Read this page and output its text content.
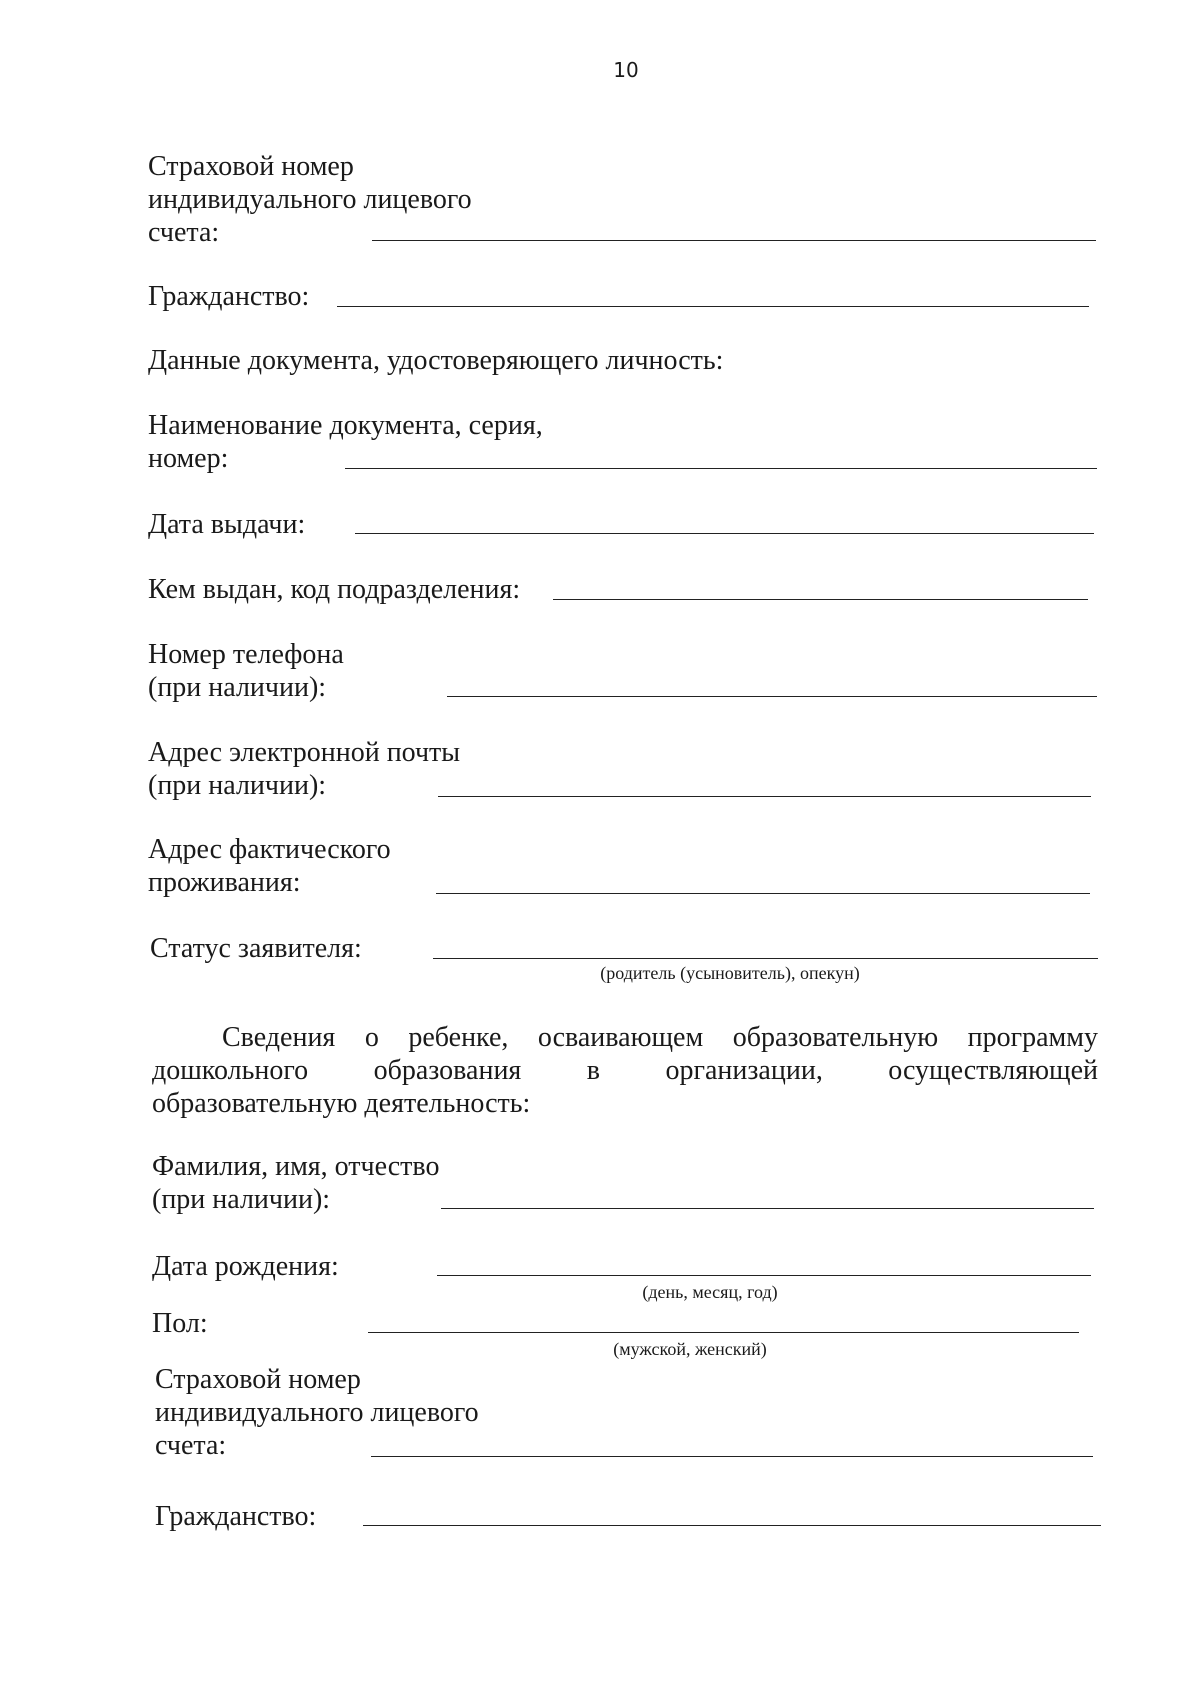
10
Страховой номер
индивидуального лицевого
счета:
Гражданство:
Данные документа, удостоверяющего личность:
Наименование документа, серия,
номер:
Дата выдачи:
Кем выдан, код подразделения:
Номер телефона
(при наличии):
Адрес электронной почты
(при наличии):
Адрес фактического
проживания:
Статус заявителя:
(родитель (усыновитель), опекун)
Сведения о ребенке, осваивающем образовательную программу дошкольного образования в организации, осуществляющей
образовательную деятельность:
Фамилия, имя, отчество
(при наличии):
Дата рождения:
(день, месяц, год)
Пол:
(мужской, женский)
Страховой номер
индивидуального лицевого
счета:
Гражданство:
